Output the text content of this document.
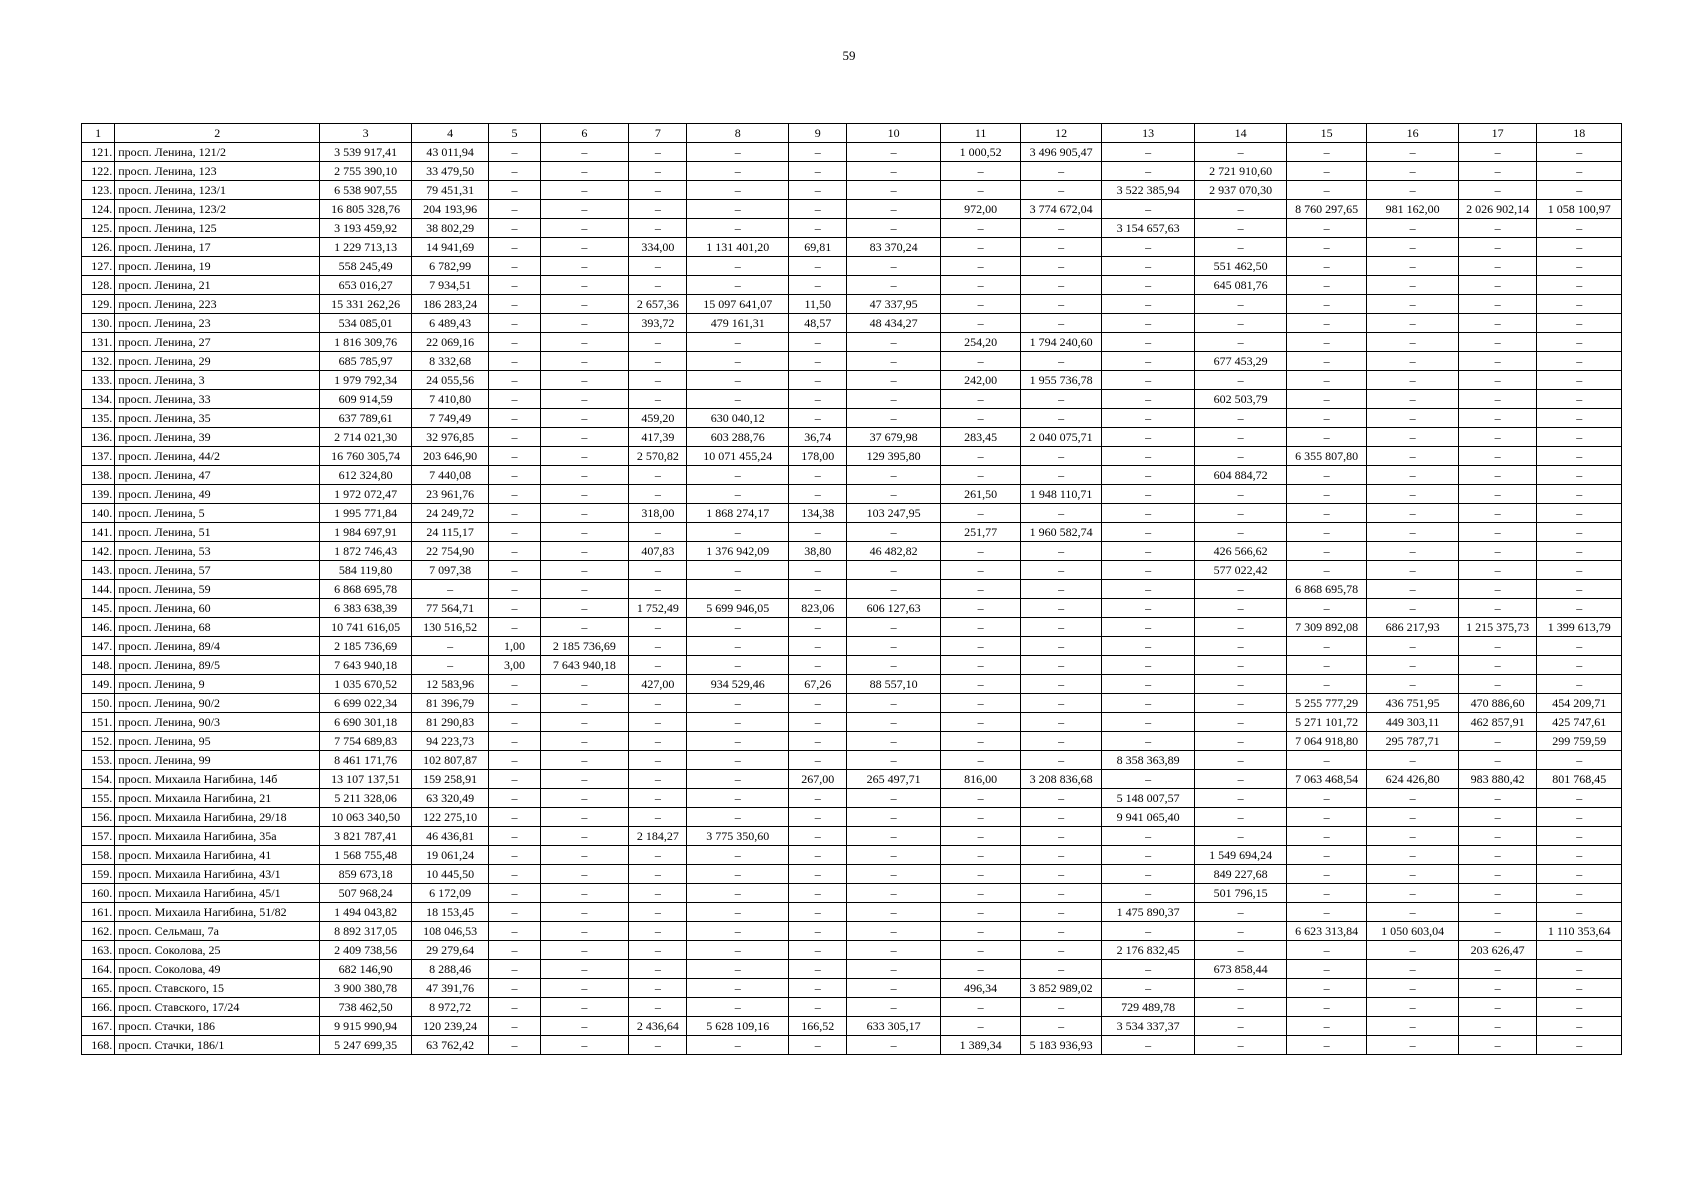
59
1	2	3	4	5	6	7	8	9	10	11	12	13	14	15	16	17	18
121.	просп. Ленина, 121/2	3 539 917,41	43 011,94	–	–	–	–	–	–	1 000,52	3 496 905,47	–	–	–	–	–	–
122.	просп. Ленина, 123	2 755 390,10	33 479,50	–	–	–	–	–	–	–	–	–	2 721 910,60	–	–	–	–
123.	просп. Ленина, 123/1	6 538 907,55	79 451,31	–	–	–	–	–	–	–	–	3 522 385,94	2 937 070,30	–	–	–	–
124.	просп. Ленина, 123/2	16 805 328,76	204 193,96	–	–	–	–	–	–	972,00	3 774 672,04	–	–	8 760 297,65	981 162,00	2 026 902,14	1 058 100,97
125.	просп. Ленина, 125	3 193 459,92	38 802,29	–	–	–	–	–	–	–	–	3 154 657,63	–	–	–	–	–
126.	просп. Ленина, 17	1 229 713,13	14 941,69	–	–	334,00	1 131 401,20	69,81	83 370,24	–	–	–	–	–	–	–	–
127.	просп. Ленина, 19	558 245,49	6 782,99	–	–	–	–	–	–	–	–	–	551 462,50	–	–	–	–
128.	просп. Ленина, 21	653 016,27	7 934,51	–	–	–	–	–	–	–	–	–	645 081,76	–	–	–	–
129.	просп. Ленина, 223	15 331 262,26	186 283,24	–	–	2 657,36	15 097 641,07	11,50	47 337,95	–	–	–	–	–	–	–	–
130.	просп. Ленина, 23	534 085,01	6 489,43	–	–	393,72	479 161,31	48,57	48 434,27	–	–	–	–	–	–	–	–
131.	просп. Ленина, 27	1 816 309,76	22 069,16	–	–	–	–	–	–	254,20	1 794 240,60	–	–	–	–	–	–
132.	просп. Ленина, 29	685 785,97	8 332,68	–	–	–	–	–	–	–	–	–	677 453,29	–	–	–	–
133.	просп. Ленина, 3	1 979 792,34	24 055,56	–	–	–	–	–	–	242,00	1 955 736,78	–	–	–	–	–	–
134.	просп. Ленина, 33	609 914,59	7 410,80	–	–	–	–	–	–	–	–	–	602 503,79	–	–	–	–
135.	просп. Ленина, 35	637 789,61	7 749,49	–	–	459,20	630 040,12	–	–	–	–	–	–	–	–	–	–
136.	просп. Ленина, 39	2 714 021,30	32 976,85	–	–	417,39	603 288,76	36,74	37 679,98	283,45	2 040 075,71	–	–	–	–	–	–
137.	просп. Ленина, 44/2	16 760 305,74	203 646,90	–	–	2 570,82	10 071 455,24	178,00	129 395,80	–	–	–	–	6 355 807,80	–	–	–
138.	просп. Ленина, 47	612 324,80	7 440,08	–	–	–	–	–	–	–	–	–	604 884,72	–	–	–	–
139.	просп. Ленина, 49	1 972 072,47	23 961,76	–	–	–	–	–	–	261,50	1 948 110,71	–	–	–	–	–	–
140.	просп. Ленина, 5	1 995 771,84	24 249,72	–	–	318,00	1 868 274,17	134,38	103 247,95	–	–	–	–	–	–	–	–
141.	просп. Ленина, 51	1 984 697,91	24 115,17	–	–	–	–	–	–	251,77	1 960 582,74	–	–	–	–	–	–
142.	просп. Ленина, 53	1 872 746,43	22 754,90	–	–	407,83	1 376 942,09	38,80	46 482,82	–	–	–	426 566,62	–	–	–	–
143.	просп. Ленина, 57	584 119,80	7 097,38	–	–	–	–	–	–	–	–	–	577 022,42	–	–	–	–
144.	просп. Ленина, 59	6 868 695,78	–	–	–	–	–	–	–	–	–	–	–	6 868 695,78	–	–	–
145.	просп. Ленина, 60	6 383 638,39	77 564,71	–	–	1 752,49	5 699 946,05	823,06	606 127,63	–	–	–	–	–	–	–	–
146.	просп. Ленина, 68	10 741 616,05	130 516,52	–	–	–	–	–	–	–	–	–	–	7 309 892,08	686 217,93	1 215 375,73	1 399 613,79
147.	просп. Ленина, 89/4	2 185 736,69	–	1,00	2 185 736,69	–	–	–	–	–	–	–	–	–	–	–	–
148.	просп. Ленина, 89/5	7 643 940,18	–	3,00	7 643 940,18	–	–	–	–	–	–	–	–	–	–	–	–
149.	просп. Ленина, 9	1 035 670,52	12 583,96	–	–	427,00	934 529,46	67,26	88 557,10	–	–	–	–	–	–	–	–
150.	просп. Ленина, 90/2	6 699 022,34	81 396,79	–	–	–	–	–	–	–	–	–	–	5 255 777,29	436 751,95	470 886,60	454 209,71
151.	просп. Ленина, 90/3	6 690 301,18	81 290,83	–	–	–	–	–	–	–	–	–	–	5 271 101,72	449 303,11	462 857,91	425 747,61
152.	просп. Ленина, 95	7 754 689,83	94 223,73	–	–	–	–	–	–	–	–	–	–	7 064 918,80	295 787,71	–	299 759,59
153.	просп. Ленина, 99	8 461 171,76	102 807,87	–	–	–	–	–	–	–	–	8 358 363,89	–	–	–	–	–
154.	просп. Михаила Нагибина, 14б	13 107 137,51	159 258,91	–	–	–	–	267,00	265 497,71	816,00	3 208 836,68	–	–	7 063 468,54	624 426,80	983 880,42	801 768,45
155.	просп. Михаила Нагибина, 21	5 211 328,06	63 320,49	–	–	–	–	–	–	–	–	5 148 007,57	–	–	–	–	–
156.	просп. Михаила Нагибина, 29/18	10 063 340,50	122 275,10	–	–	–	–	–	–	–	–	9 941 065,40	–	–	–	–	–
157.	просп. Михаила Нагибина, 35а	3 821 787,41	46 436,81	–	–	2 184,27	3 775 350,60	–	–	–	–	–	–	–	–	–	–
158.	просп. Михаила Нагибина, 41	1 568 755,48	19 061,24	–	–	–	–	–	–	–	–	–	1 549 694,24	–	–	–	–
159.	просп. Михаила Нагибина, 43/1	859 673,18	10 445,50	–	–	–	–	–	–	–	–	–	849 227,68	–	–	–	–
160.	просп. Михаила Нагибина, 45/1	507 968,24	6 172,09	–	–	–	–	–	–	–	–	–	501 796,15	–	–	–	–
161.	просп. Михаила Нагибина, 51/82	1 494 043,82	18 153,45	–	–	–	–	–	–	–	–	1 475 890,37	–	–	–	–	–
162.	просп. Сельмаш, 7а	8 892 317,05	108 046,53	–	–	–	–	–	–	–	–	–	–	6 623 313,84	1 050 603,04	–	1 110 353,64
163.	просп. Соколова, 25	2 409 738,56	29 279,64	–	–	–	–	–	–	–	–	2 176 832,45	–	–	–	203 626,47	–
164.	просп. Соколова, 49	682 146,90	8 288,46	–	–	–	–	–	–	–	–	–	673 858,44	–	–	–	–
165.	просп. Ставского, 15	3 900 380,78	47 391,76	–	–	–	–	–	–	496,34	3 852 989,02	–	–	–	–	–	–
166.	просп. Ставского, 17/24	738 462,50	8 972,72	–	–	–	–	–	–	–	–	729 489,78	–	–	–	–	–
167.	просп. Стачки, 186	9 915 990,94	120 239,24	–	–	2 436,64	5 628 109,16	166,52	633 305,17	–	–	3 534 337,37	–	–	–	–	–
168.	просп. Стачки, 186/1	5 247 699,35	63 762,42	–	–	–	–	–	–	1 389,34	5 183 936,93	–	–	–	–	–	–
